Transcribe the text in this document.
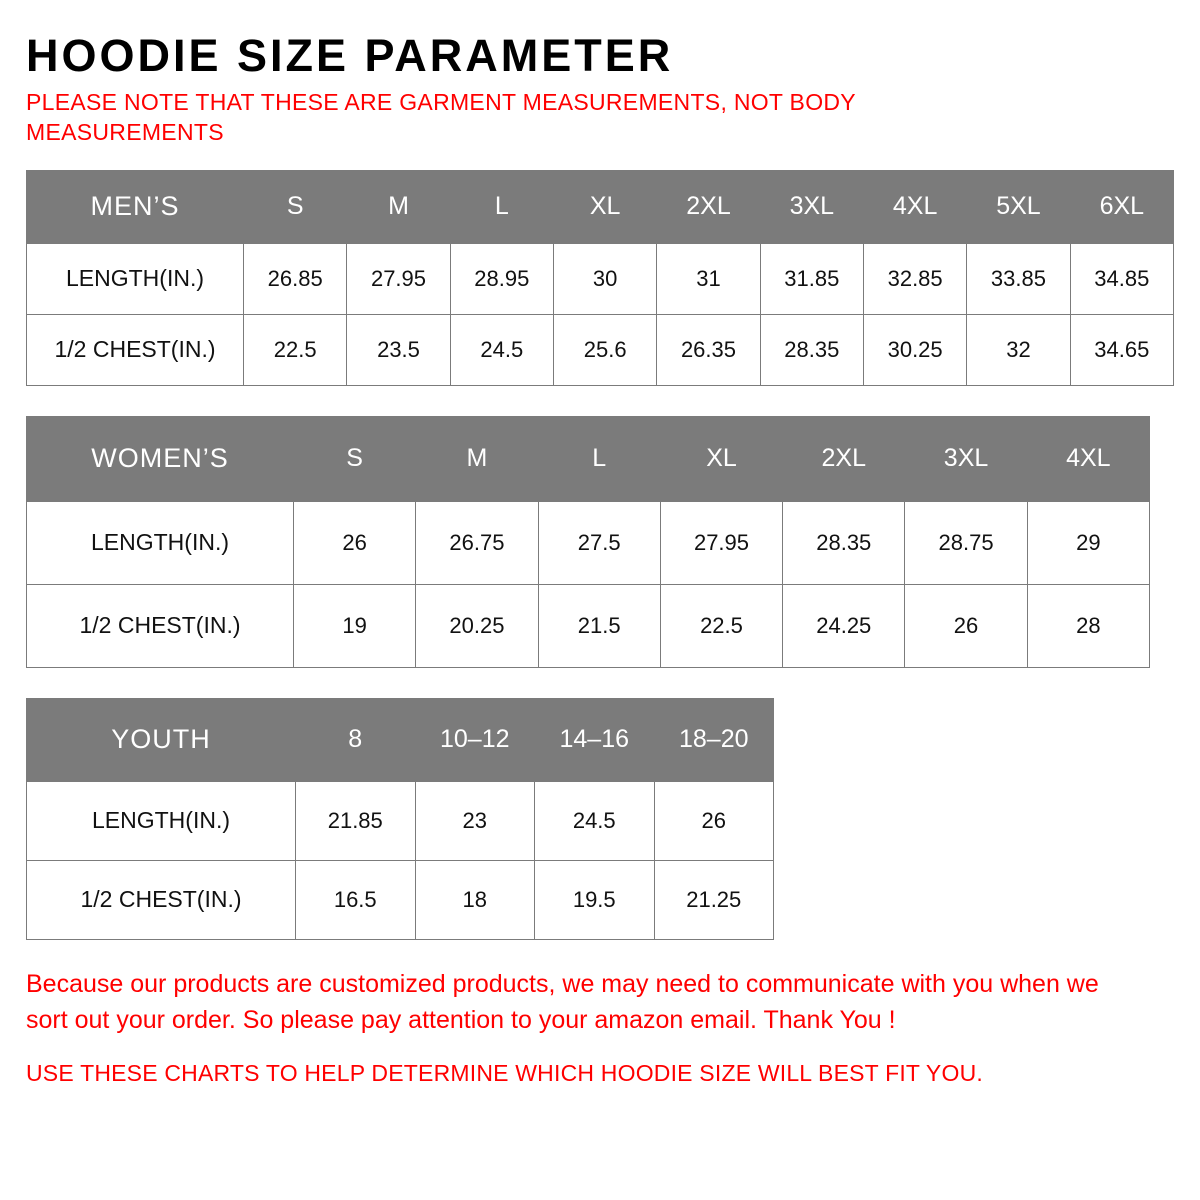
HOODIE SIZE PARAMETER

PLEASE NOTE THAT THESE ARE GARMENT MEASUREMENTS, NOT BODY MEASUREMENTS

MEN’S	S	M	L	XL	2XL	3XL	4XL	5XL	6XL
LENGTH(IN.)	26.85	27.95	28.95	30	31	31.85	32.85	33.85	34.85
1/2 CHEST(IN.)	22.5	23.5	24.5	25.6	26.35	28.35	30.25	32	34.65
WOMEN’S	S	M	L	XL	2XL	3XL	4XL
LENGTH(IN.)	26	26.75	27.5	27.95	28.35	28.75	29
1/2 CHEST(IN.)	19	20.25	21.5	22.5	24.25	26	28
YOUTH	8	10–12	14–16	18–20
LENGTH(IN.)	21.85	23	24.5	26
1/2 CHEST(IN.)	16.5	18	19.5	21.25

Because our products are customized products, we may need to communicate with you when we sort out your order. So please pay attention to your amazon email. Thank You !

USE THESE CHARTS TO HELP DETERMINE WHICH HOODIE SIZE WILL BEST FIT YOU.
